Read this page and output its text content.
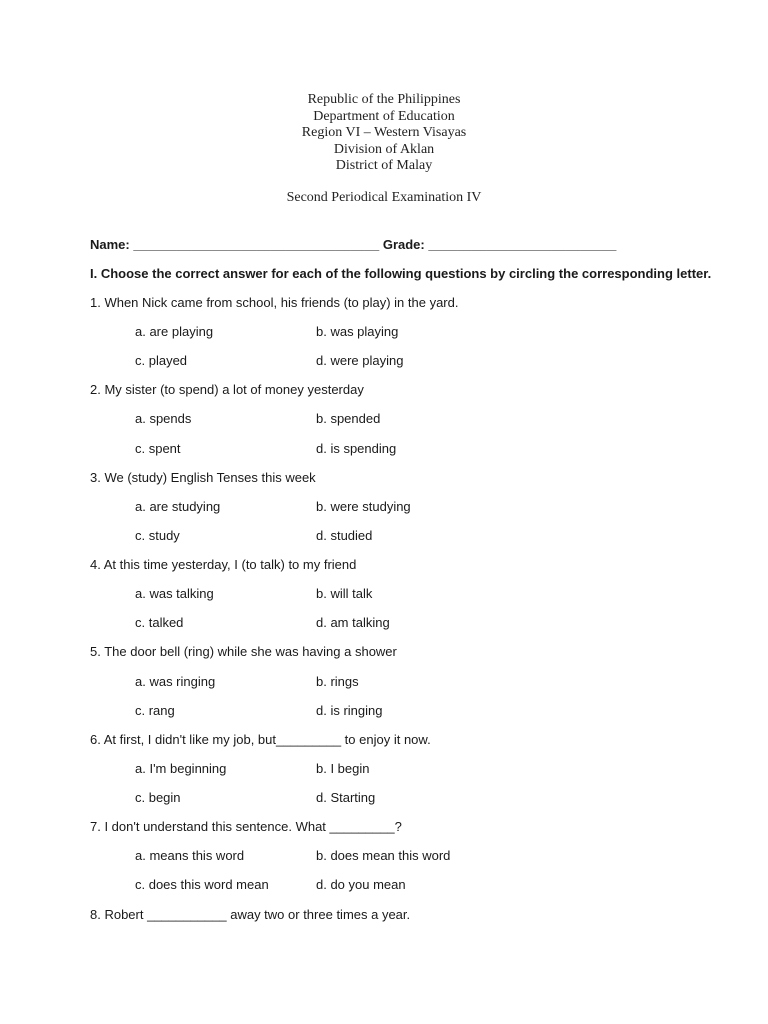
Republic of the Philippines
Department of Education
Region VI – Western Visayas
Division of Aklan
District of Malay
Second Periodical Examination IV
Name: __________________________________ Grade: __________________________
I. Choose the correct answer for each of the following questions by circling the corresponding letter.
1. When Nick came from school, his friends (to play) in the yard.
a. are playing	b. was playing
c. played	d. were playing
2. My sister (to spend) a lot of money yesterday
a. spends	b. spended
c. spent	d. is spending
3. We (study) English Tenses this week
a. are studying	b. were studying
c. study	d. studied
4. At this time yesterday, I (to talk) to my friend
a. was talking	b. will talk
c. talked	d. am talking
5. The door bell (ring) while she was having a shower
a. was ringing	b. rings
c. rang	d. is ringing
6. At first, I didn't like my job, but_________ to enjoy it now.
a. I'm beginning	b. I begin
c. begin	d. Starting
7. I don't understand this sentence. What _________?
a. means this word	b. does mean this word
c. does this word mean	d. do you mean
8. Robert ___________ away two or three times a year.
